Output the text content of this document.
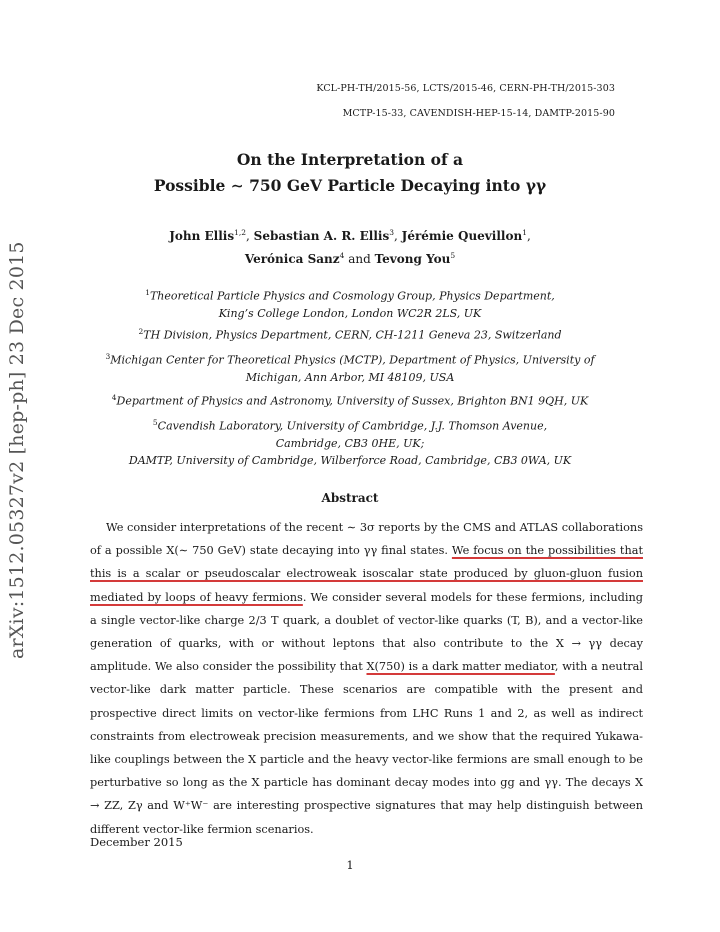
KCL-PH-TH/2015-56, LCTS/2015-46, CERN-PH-TH/2015-303
MCTP-15-33, CAVENDISH-HEP-15-14, DAMTP-2015-90
On the Interpretation of a
Possible ∼ 750 GeV Particle Decaying into γγ
John Ellis$^{1,2}$, Sebastian A. R. Ellis$^3$, Jérémie Quevillon$^1$,
Verónica Sanz$^4$ and Tevong You$^5$
$^1$Theoretical Particle Physics and Cosmology Group, Physics Department,
King’s College London, London WC2R 2LS, UK
$^2$TH Division, Physics Department, CERN, CH-1211 Geneva 23, Switzerland
$^3$Michigan Center for Theoretical Physics (MCTP), Department of Physics, University of
Michigan, Ann Arbor, MI 48109, USA
$^4$Department of Physics and Astronomy, University of Sussex, Brighton BN1 9QH, UK
$^5$Cavendish Laboratory, University of Cambridge, J.J. Thomson Avenue,
Cambridge, CB3 0HE, UK;
DAMTP, University of Cambridge, Wilberforce Road, Cambridge, CB3 0WA, UK
arXiv:1512.05327v2 [hep-ph] 23 Dec 2015	Abstract

We consider interpretations of the recent ∼ 3σ reports by the CMS and ATLAS collaborations of a possible X(∼ 750 GeV) state decaying into γγ final states. We focus on the possibilities that this is a scalar or pseudoscalar electroweak isoscalar state produced by gluon-gluon fusion mediated by loops of heavy fermions. We consider several models for these fermions, including a single vector-like charge 2/3 T quark, a doublet of vector-like quarks (T, B), and a vector-like generation of quarks, with or without leptons that also contribute to the X → γγ decay amplitude. We also consider the possibility that X(750) is a dark matter mediator, with a neutral vector-like dark matter particle. These scenarios are compatible with the present and prospective direct limits on vector-like fermions from LHC Runs 1 and 2, as well as indirect constraints from electroweak precision measurements, and we show that the required Yukawa-like couplings between the X particle and the heavy vector-like fermions are small enough to be perturbative so long as the X particle has dominant decay modes into gg and γγ. The decays X → ZZ, Zγ and W⁺W⁻ are interesting prospective signatures that may help distinguish between different vector-like fermion scenarios.

December 2015
1
